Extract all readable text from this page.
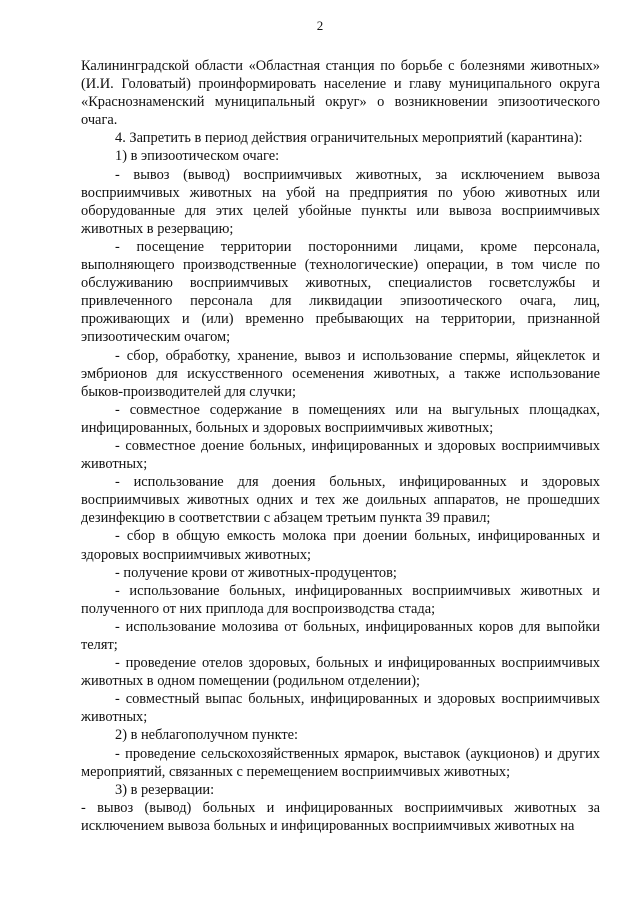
2

Калининградской области «Областная станция по борьбе с болезнями животных» (И.И. Головатый) проинформировать население и главу муниципального округа «Краснознаменский муниципальный округ» о возникновении эпизоотического очага.

4. Запретить в период действия ограничительных мероприятий (карантина):

1) в эпизоотическом очаге:

- вывоз (вывод) восприимчивых животных, за исключением вывоза восприимчивых животных на убой на предприятия по убою животных или оборудованные для этих целей убойные пункты или вывоза восприимчивых животных в резервацию;

- посещение территории посторонними лицами, кроме персонала, выполняющего производственные (технологические) операции, в том числе по обслуживанию восприимчивых животных, специалистов госветслужбы и привлеченного персонала для ликвидации эпизоотического очага, лиц, проживающих и (или) временно пребывающих на территории, признанной эпизоотическим очагом;

- сбор, обработку, хранение, вывоз и использование спермы, яйцеклеток и эмбрионов для искусственного осеменения животных, а также использование быков-производителей для случки;

- совместное содержание в помещениях или на выгульных площадках, инфицированных, больных и здоровых восприимчивых животных;

- совместное доение больных, инфицированных и здоровых восприимчивых животных;

- использование для доения больных, инфицированных и здоровых восприимчивых животных одних и тех же доильных аппаратов, не прошедших дезинфекцию в соответствии с абзацем третьим пункта 39 правил;

- сбор в общую емкость молока при доении больных, инфицированных и здоровых восприимчивых животных;

- получение крови от животных-продуцентов;

- использование больных, инфицированных восприимчивых животных и полученного от них приплода для воспроизводства стада;

- использование молозива от больных, инфицированных коров для выпойки телят;

- проведение отелов здоровых, больных и инфицированных восприимчивых животных в одном помещении (родильном отделении);

- совместный выпас больных, инфицированных и здоровых восприимчивых животных;

2) в неблагополучном пункте:

- проведение сельскохозяйственных ярмарок, выставок (аукционов) и других мероприятий, связанных с перемещением восприимчивых животных;

3) в резервации:

- вывоз (вывод) больных и инфицированных восприимчивых животных за исключением вывоза больных и инфицированных восприимчивых животных на
